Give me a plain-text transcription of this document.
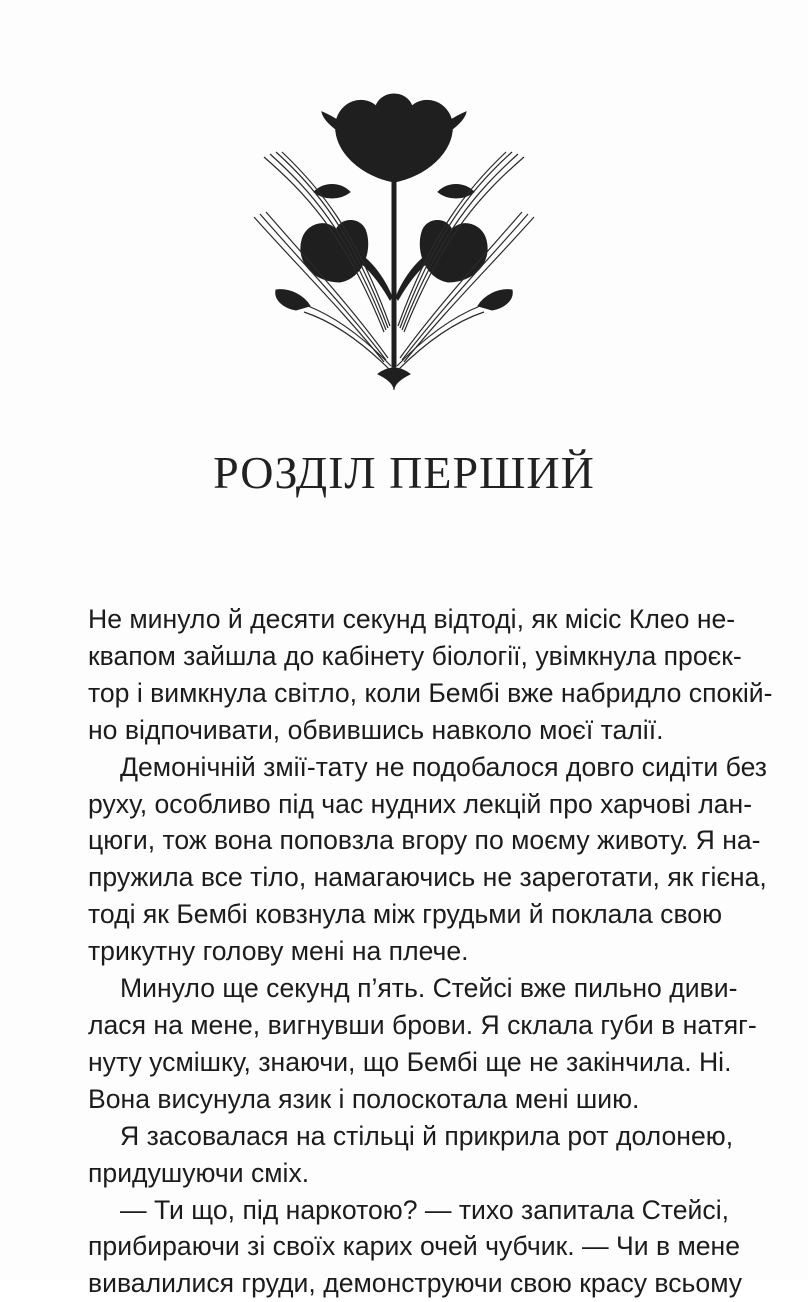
РОЗДІЛ ПЕРШИЙ
Не минуло й десяти секунд відтоді, як місіс Клео не-
квапом зайшла до кабінету біології, увімкнула проєк-
тор і вимкнула світло, коли Бембі вже набридло спокій-
но відпочивати, обвившись навколо моєї талії.
Демонічній змії-тату не подобалося довго сидіти без
руху, особливо під час нудних лекцій про харчові лан-
цюги, тож вона поповзла вгору по моєму животу. Я на-
пружила все тіло, намагаючись не зареготати, як гієна,
тоді як Бембі ковзнула між грудьми й поклала свою
трикутну голову мені на плече.
Минуло ще секунд п’ять. Стейсі вже пильно диви-
лася на мене, вигнувши брови. Я склала губи в натяг-
нуту усмішку, знаючи, що Бембі ще не закінчила. Ні.
Вона висунула язик і полоскотала мені шию.
Я засовалася на стільці й прикрила рот долонею,
придушуючи сміх.
— Ти що, під наркотою? — тихо запитала Стейсі,
прибираючи зі своїх карих очей чубчик. — Чи в мене
вивалилися груди, демонструючи свою красу всьому
